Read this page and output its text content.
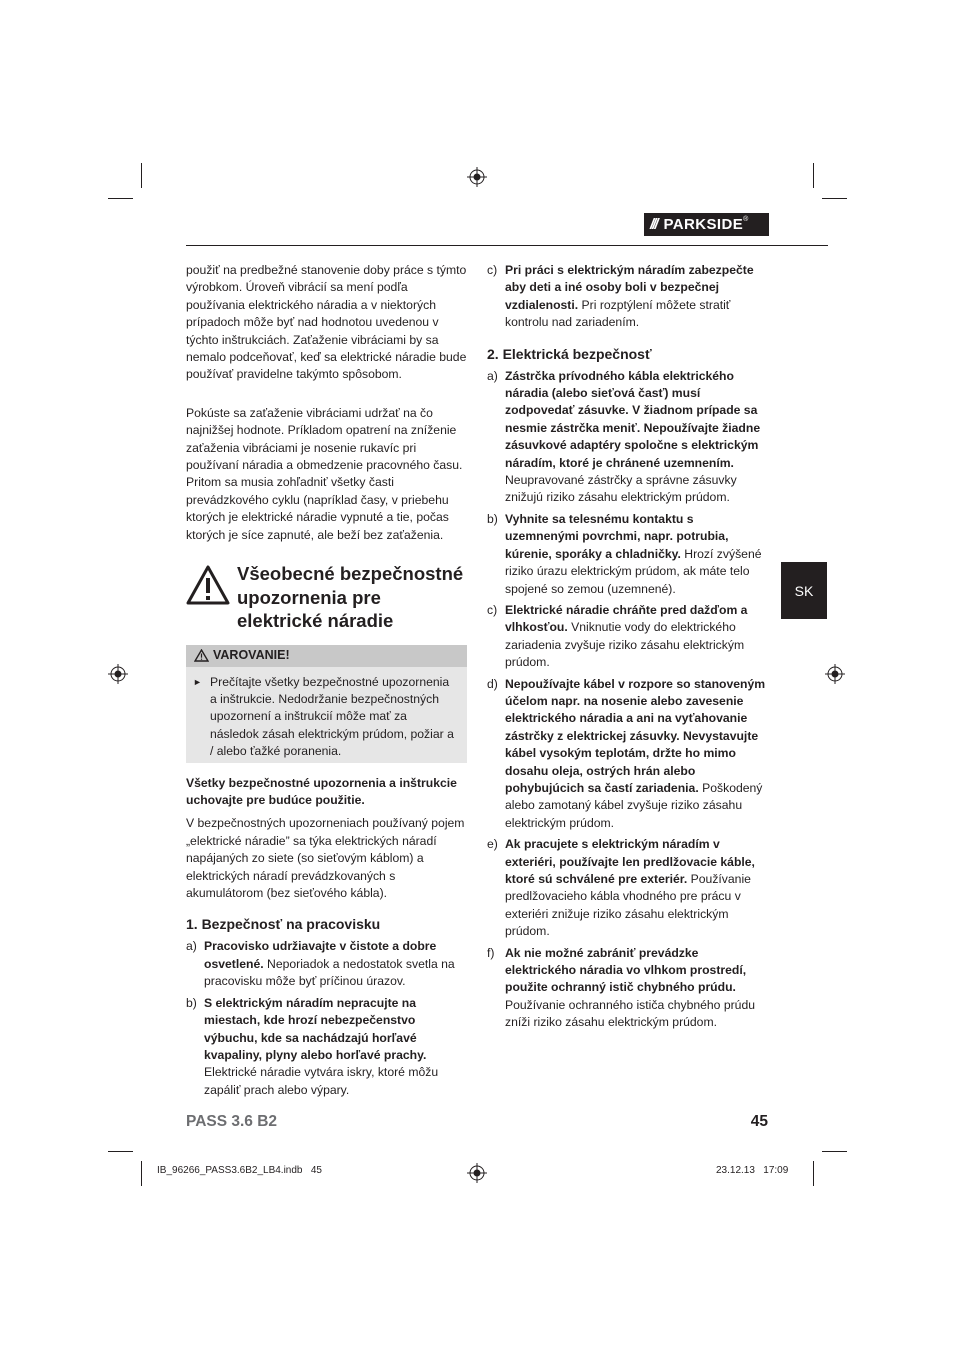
/// PARKSIDE ®
SK

použiť na predbežné stanovenie doby práce s týmto výrobkom. Úroveň vibrácií sa mení podľa používania elektrického náradia a v niektorých prípadoch môže byť nad hodnotou uvedenou v týchto inštrukciách. Zaťaženie vibráciami by sa nemalo podceňovať, keď sa elektrické náradie bude používať pravidelne takýmto spôsobom.

Pokúste sa zaťaženie vibráciami udržať na čo najnižšej hodnote. Príkladom opatrení na zníženie zaťaženia vibráciami je nosenie rukavíc pri používaní náradia a obmedzenie pracovného času. Pritom sa musia zohľadniť všetky časti prevádzkového cyklu (napríklad časy, v priebehu ktorých je elektrické náradie vypnuté a tie, počas ktorých je síce zapnuté, ale beží bez zaťaženia.

Všeobecné bezpečnostné upozornenia pre elektrické náradie
VAROVANIE!
► Prečítajte všetky bezpečnostné upozornenia a inštrukcie. Nedodržanie bezpečnostných upozornení a inštrukcií môže mať za následok zásah elektrickým prúdom, požiar a / alebo ťažké poranenia.

Všetky bezpečnostné upozornenia a inštrukcie uchovajte pre budúce použitie.

V bezpečnostných upozorneniach používaný pojem „elektrické náradie” sa týka elektrických náradí napájaných zo siete (so sieťovým káblom) a elektrických náradí prevádzkovaných s akumulátorom (bez sieťového kábla).

1. Bezpečnosť na pracovisku
a) Pracovisko udržiavajte v čistote a dobre osvetlené. Neporiadok a nedostatok svetla na pracovisku môže byť príčinou úrazov.
b) S elektrickým náradím nepracujte na miestach, kde hrozí nebezpečenstvo výbuchu, kde sa nachádzajú horľavé kvapaliny, plyny alebo horľavé prachy. Elektrické náradie vytvára iskry, ktoré môžu zapáliť prach alebo výpary.
c) Pri práci s elektrickým náradím zabezpečte aby deti a iné osoby boli v bezpečnej vzdialenosti. Pri rozptýlení môžete stratiť kontrolu nad zariadením.
2. Elektrická bezpečnosť
a) Zástrčka prívodného kábla elektrického náradia (alebo sieťová časť) musí zodpovedať zásuvke. V žiadnom prípade sa nesmie zástrčka meniť. Nepoužívajte žiadne zásuvkové adaptéry spoločne s elektrickým náradím, ktoré je chránené uzemnením. Neupravované zástrčky a správne zásuvky znižujú riziko zásahu elektrickým prúdom.
b) Vyhnite sa telesnému kontaktu s uzemnenými povrchmi, napr. potrubia, kúrenie, sporáky a chladničky. Hrozí zvýšené riziko úrazu elektrickým prúdom, ak máte telo spojené so zemou (uzemnené).
c) Elektrické náradie chráňte pred dažďom a vlhkosťou. Vniknutie vody do elektrického zariadenia zvyšuje riziko zásahu elektrickým prúdom.
d) Nepoužívajte kábel v rozpore so stanoveným účelom napr. na nosenie alebo zavesenie elektrického náradia a ani na vyťahovanie zástrčky z elektrickej zásuvky. Nevystavujte kábel vysokým teplotám, držte ho mimo dosahu oleja, ostrých hrán alebo pohybujúcich sa častí zariadenia. Poškodený alebo zamotaný kábel zvyšuje riziko zásahu elektrickým prúdom.
e) Ak pracujete s elektrickým náradím v exteriéri, používajte len predlžovacie káble, ktoré sú schválené pre exteriér. Používanie predlžovacieho kábla vhodného pre prácu v exteriéri znižuje riziko zásahu elektrickým prúdom.
f) Ak nie možné zabrániť prevádzke elektrického náradia vo vlhkom prostredí, použite ochranný istič chybného prúdu. Používanie ochranného ističa chybného prúdu zníži riziko zásahu elektrickým prúdom.
PASS 3.6 B2	45
IB_96266_PASS3.6B2_LB4.indb   45	23.12.13   17:09
